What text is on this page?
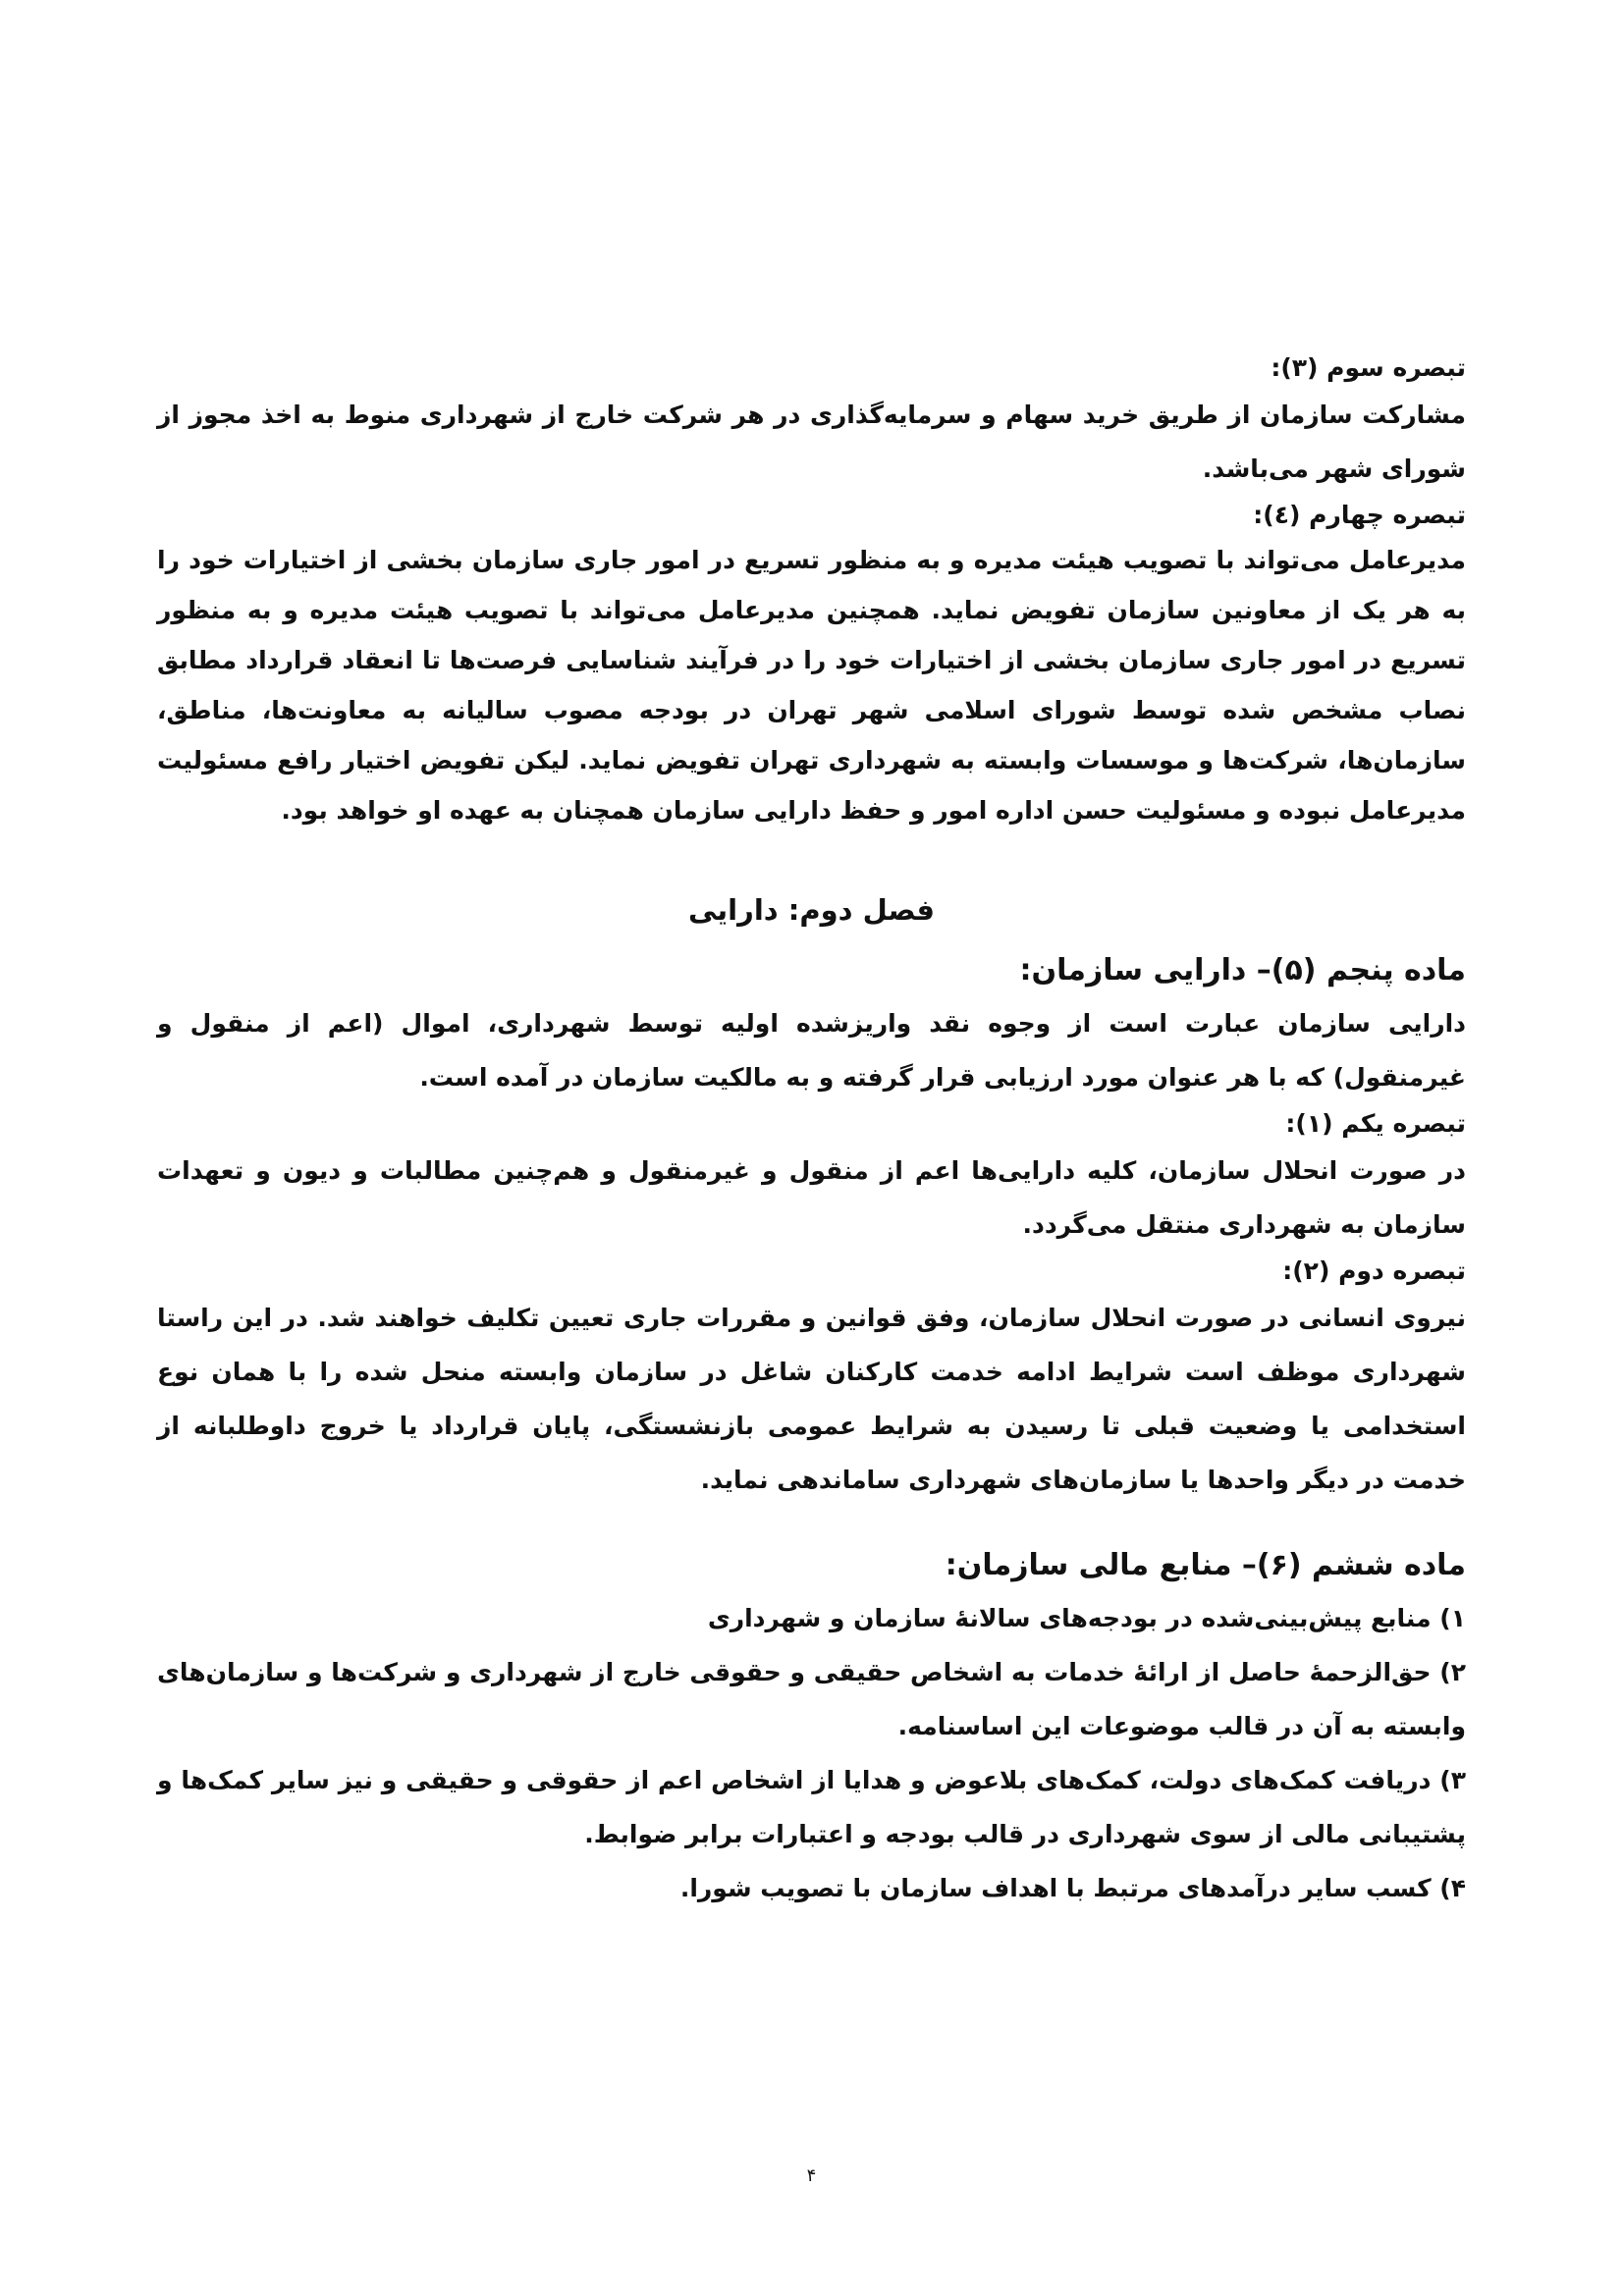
تبصره سوم (۳):

مشارکت سازمان از طریق خرید سهام و سرمایه‌گذاری در هر شرکت خارج از شهرداری منوط به اخذ مجوز از شورای شهر می‌باشد.

تبصره چهارم (٤):

مدیرعامل می‌تواند با تصویب هیئت مدیره و به منظور تسریع در امور جاری سازمان بخشی از اختیارات خود را به هر یک از معاونین سازمان تفویض نماید. همچنین مدیرعامل می‌تواند با تصویب هیئت مدیره و به منظور تسریع در امور جاری سازمان بخشی از اختیارات خود را در فرآیند شناسایی فرصت‌ها تا انعقاد قرارداد مطابق نصاب مشخص شده توسط شورای اسلامی شهر تهران در بودجه مصوب سالیانه به معاونت‌ها، مناطق، سازمان‌ها، شرکت‌ها و موسسات وابسته به شهرداری تهران تفویض نماید. لیکن تفویض اختیار رافع مسئولیت مدیرعامل نبوده و مسئولیت حسن اداره امور و حفظ دارایی سازمان همچنان به عهده او خواهد بود.

فصل دوم: دارایی
ماده پنجم (۵)– دارایی سازمان:

دارایی سازمان عبارت است از وجوه نقد واریزشده اولیه توسط شهرداری، اموال (اعم از منقول و غیرمنقول) که با هر عنوان مورد ارزیابی قرار گرفته و به مالکیت سازمان در آمده است.

تبصره یکم (۱):

در صورت انحلال سازمان، کلیه دارایی‌ها اعم از منقول و غیرمنقول و هم‌چنین مطالبات و دیون و تعهدات سازمان به شهرداری منتقل می‌گردد.

تبصره دوم (۲):

نیروی انسانی در صورت انحلال سازمان، وفق قوانین و مقررات جاری تعیین تکلیف خواهند شد. در این راستا شهرداری موظف است شرایط ادامه خدمت کارکنان شاغل در سازمان وابسته منحل شده را با همان نوع استخدامی یا وضعیت قبلی تا رسیدن به شرایط عمومی بازنشستگی، پایان قرارداد یا خروج داوطلبانه از خدمت در دیگر واحدها یا سازمان‌های شهرداری ساماندهی نماید.

ماده ششم (۶)– منابع مالی سازمان:

۱) منابع پیش‌بینی‌شده در بودجه‌های سالانۀ سازمان و شهرداری

۲) حق‌الزحمۀ حاصل از ارائۀ خدمات به اشخاص حقیقی و حقوقی خارج از شهرداری و شرکت‌ها و سازمان‌های وابسته به آن در قالب موضوعات این اساسنامه.

۳) دریافت کمک‌های دولت، کمک‌های بلاعوض و هدایا از اشخاص اعم از حقوقی و حقیقی و نیز سایر کمک‌ها و پشتیبانی مالی از سوی شهرداری در قالب بودجه و اعتبارات برابر ضوابط.

۴) کسب سایر درآمدهای مرتبط با اهداف سازمان با تصویب شورا.

۴
